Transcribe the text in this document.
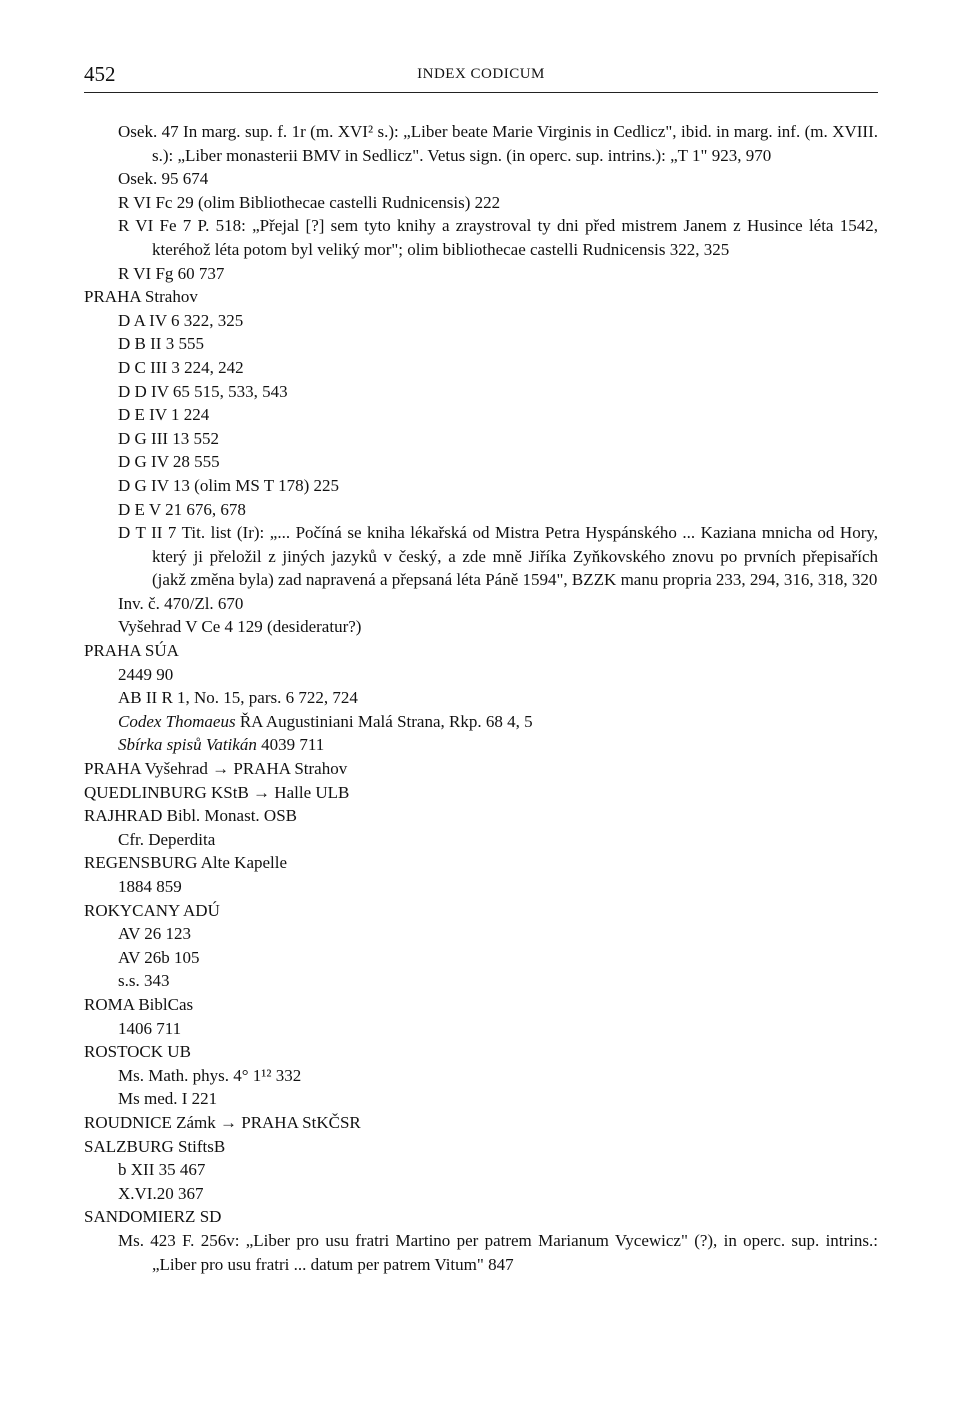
452	INDEX CODICUM

Osek. 47 In marg. sup. f. 1r (m. XVI² s.): „Liber beate Marie Virginis in Cedlicz", ibid. in marg. inf. (m. XVIII. s.): „Liber monasterii BMV in Sedlicz". Vetus sign. (in operc. sup. intrins.): „T 1" 923, 970

Osek. 95 674

R VI Fc 29 (olim Bibliothecae castelli Rudnicensis) 222

R VI Fe 7 P. 518: „Přejal [?] sem tyto knihy a zraystroval ty dni před mistrem Janem z Husince léta 1542, kteréhož léta potom byl veliký mor"; olim bibliothecae castelli Rudnicensis 322, 325

R VI Fg 60 737

PRAHA Strahov

D A IV 6 322, 325

D B II 3 555

D C III 3 224, 242

D D IV 65 515, 533, 543

D E IV 1 224

D G III 13 552

D G IV 28 555

D G IV 13 (olim MS T 178) 225

D E V 21 676, 678

D T II 7 Tit. list (Ir): „... Počíná se kniha lékařská od Mistra Petra Hyspánského ... Kaziana mnicha od Hory, který ji přeložil z jiných jazyků v český, a zde mně Jiříka Zyňkovského znovu po prvních přepisařích (jakž změna byla) zad napravená a přepsaná léta Páně 1594", BZZK manu propria 233, 294, 316, 318, 320

Inv. č. 470/Zl. 670

Vyšehrad V Ce 4 129 (desideratur?)

PRAHA SÚA

2449 90

AB II R 1, No. 15, pars. 6 722, 724

Codex Thomaeus ŘA Augustiniani Malá Strana, Rkp. 68 4, 5

Sbírka spisů Vatikán 4039 711

PRAHA Vyšehrad → PRAHA Strahov

QUEDLINBURG KStB → Halle ULB

RAJHRAD Bibl. Monast. OSB

Cfr. Deperdita

REGENSBURG Alte Kapelle

1884 859

ROKYCANY ADÚ

AV 26 123

AV 26b 105

s.s. 343

ROMA BiblCas

1406 711

ROSTOCK UB

Ms. Math. phys. 4° 1¹² 332

Ms med. I 221

ROUDNICE Zámk → PRAHA StKČSR

SALZBURG StiftsB

b XII 35 467

X.VI.20 367

SANDOMIERZ SD

Ms. 423 F. 256v: „Liber pro usu fratri Martino per patrem Marianum Vycewicz" (?), in operc. sup. intrins.: „Liber pro usu fratri ... datum per patrem Vitum" 847
